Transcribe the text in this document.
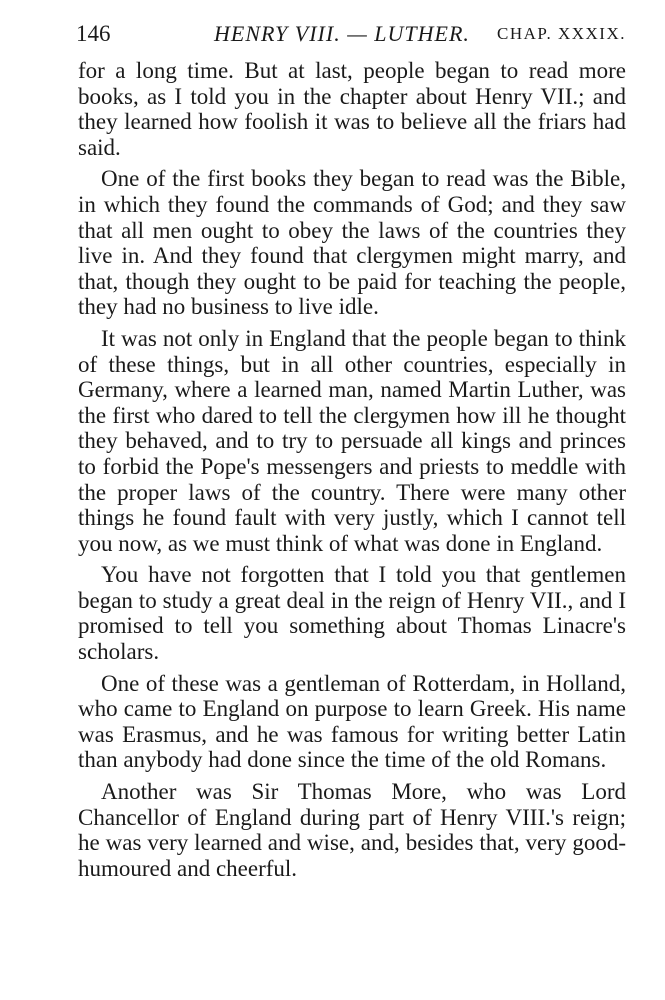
146	HENRY VIII. — LUTHER. CHAP. XXXIX.

for a long time. But at last, people began to read more books, as I told you in the chapter about Henry VII.; and they learned how foolish it was to believe all the friars had said.

One of the first books they began to read was the Bible, in which they found the commands of God; and they saw that all men ought to obey the laws of the countries they live in. And they found that clergymen might marry, and that, though they ought to be paid for teaching the people, they had no business to live idle.

It was not only in England that the people began to think of these things, but in all other countries, especially in Germany, where a learned man, named Martin Luther, was the first who dared to tell the clergymen how ill he thought they behaved, and to try to persuade all kings and princes to forbid the Pope's messengers and priests to meddle with the proper laws of the country. There were many other things he found fault with very justly, which I cannot tell you now, as we must think of what was done in England.

You have not forgotten that I told you that gentlemen began to study a great deal in the reign of Henry VII., and I promised to tell you something about Thomas Linacre's scholars.

One of these was a gentleman of Rotterdam, in Holland, who came to England on purpose to learn Greek. His name was Erasmus, and he was famous for writing better Latin than anybody had done since the time of the old Romans.

Another was Sir Thomas More, who was Lord Chancellor of England during part of Henry VIII.'s reign; he was very learned and wise, and, besides that, very good-humoured and cheerful.
